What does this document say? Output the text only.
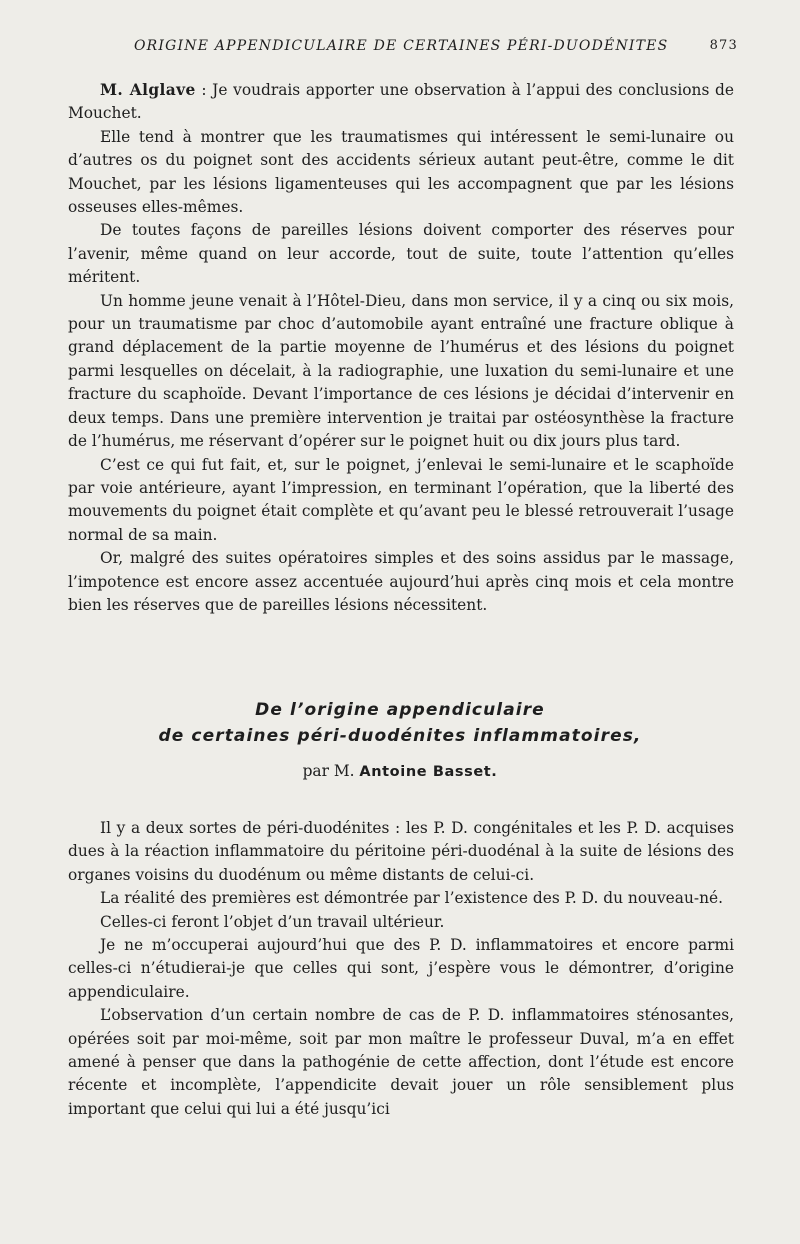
ORIGINE APPENDICULAIRE DE CERTAINES PÉRI-DUODÉNITES	873

M. Alglave : Je voudrais apporter une observation à l’appui des conclusions de Mouchet.

Elle tend à montrer que les traumatismes qui intéressent le semi-lunaire ou d’autres os du poignet sont des accidents sérieux autant peut-être, comme le dit Mouchet, par les lésions ligamenteuses qui les accompagnent que par les lésions osseuses elles-mêmes.

De toutes façons de pareilles lésions doivent comporter des réserves pour l’avenir, même quand on leur accorde, tout de suite, toute l’attention qu’elles méritent.

Un homme jeune venait à l’Hôtel-Dieu, dans mon service, il y a cinq ou six mois, pour un traumatisme par choc d’automobile ayant entraîné une fracture oblique à grand déplacement de la partie moyenne de l’humérus et des lésions du poignet parmi lesquelles on décelait, à la radiographie, une luxation du semi-lunaire et une fracture du scaphoïde. Devant l’importance de ces lésions je décidai d’intervenir en deux temps. Dans une première intervention je traitai par ostéosynthèse la fracture de l’humérus, me réservant d’opérer sur le poignet huit ou dix jours plus tard.

C’est ce qui fut fait, et, sur le poignet, j’enlevai le semi-lunaire et le scaphoïde par voie antérieure, ayant l’impression, en terminant l’opération, que la liberté des mouvements du poignet était complète et qu’avant peu le blessé retrouverait l’usage normal de sa main.

Or, malgré des suites opératoires simples et des soins assidus par le massage, l’impotence est encore assez accentuée aujourd’hui après cinq mois et cela montre bien les réserves que de pareilles lésions nécessitent.

De l’origine appendiculaire
de certaines péri-duodénites inflammatoires,
par M. Antoine Basset.

Il y a deux sortes de péri-duodénites : les P. D. congénitales et les P. D. acquises dues à la réaction inflammatoire du péritoine péri-duodénal à la suite de lésions des organes voisins du duodénum ou même distants de celui-ci.

La réalité des premières est démontrée par l’existence des P. D. du nouveau-né.

Celles-ci feront l’objet d’un travail ultérieur.

Je ne m’occuperai aujourd’hui que des P. D. inflammatoires et encore parmi celles-ci n’étudierai-je que celles qui sont, j’espère vous le démontrer, d’origine appendiculaire.

L’observation d’un certain nombre de cas de P. D. inflammatoires sténosantes, opérées soit par moi-même, soit par mon maître le professeur Duval, m’a en effet amené à penser que dans la pathogénie de cette affection, dont l’étude est encore récente et incomplète, l’appendicite devait jouer un rôle sensiblement plus important que celui qui lui a été jusqu’ici
